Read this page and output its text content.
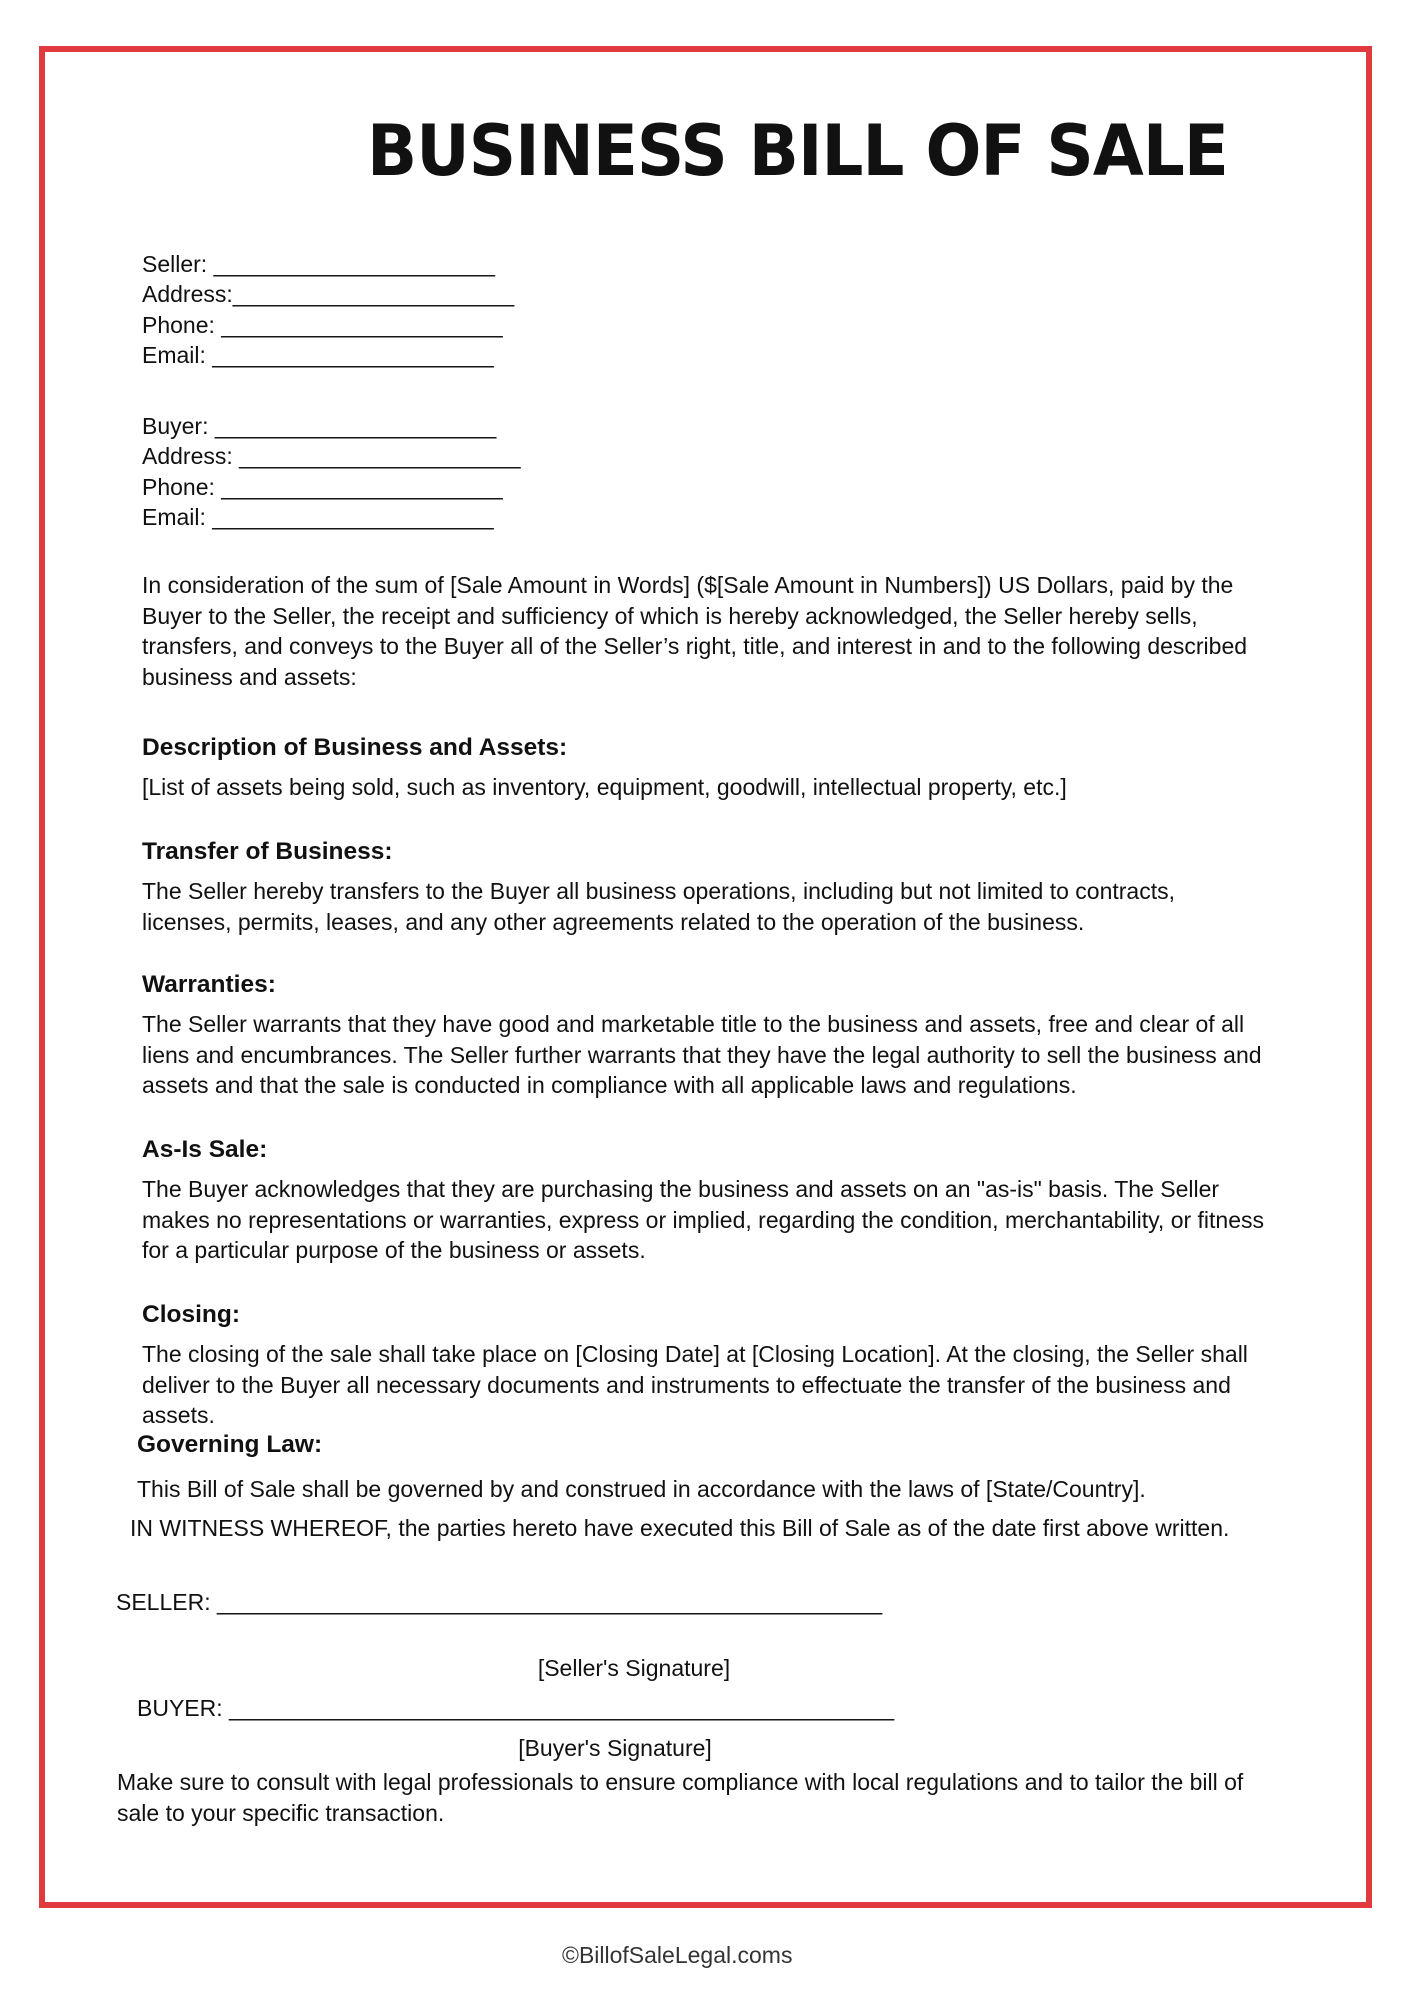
BUSINESS BILL OF SALE
Seller: ______________________
Address:______________________
Phone: ______________________
Email: ______________________
Buyer: ______________________
Address: ______________________
Phone: ______________________
Email: ______________________
In consideration of the sum of [Sale Amount in Words] ($[Sale Amount in Numbers]) US Dollars, paid by the Buyer to the Seller, the receipt and sufficiency of which is hereby acknowledged, the Seller hereby sells, transfers, and conveys to the Buyer all of the Seller’s right, title, and interest in and to the following described business and assets:
Description of Business and Assets:
[List of assets being sold, such as inventory, equipment, goodwill, intellectual property, etc.]
Transfer of Business:
The Seller hereby transfers to the Buyer all business operations, including but not limited to contracts, licenses, permits, leases, and any other agreements related to the operation of the business.
Warranties:
The Seller warrants that they have good and marketable title to the business and assets, free and clear of all liens and encumbrances. The Seller further warrants that they have the legal authority to sell the business and assets and that the sale is conducted in compliance with all applicable laws and regulations.
As-Is Sale:
The Buyer acknowledges that they are purchasing the business and assets on an "as-is" basis. The Seller makes no representations or warranties, express or implied, regarding the condition, merchantability, or fitness for a particular purpose of the business or assets.
Closing:
The closing of the sale shall take place on [Closing Date] at [Closing Location]. At the closing, the Seller shall deliver to the Buyer all necessary documents and instruments to effectuate the transfer of the business and assets.
Governing Law:
This Bill of Sale shall be governed by and construed in accordance with the laws of [State/Country].
IN WITNESS WHEREOF, the parties hereto have executed this Bill of Sale as of the date first above written.
SELLER: ____________________________________________________
[Seller's Signature]
BUYER: ____________________________________________________
[Buyer's Signature]
Make sure to consult with legal professionals to ensure compliance with local regulations and to tailor the bill of sale to your specific transaction.
©BillofSaleLegal.coms
